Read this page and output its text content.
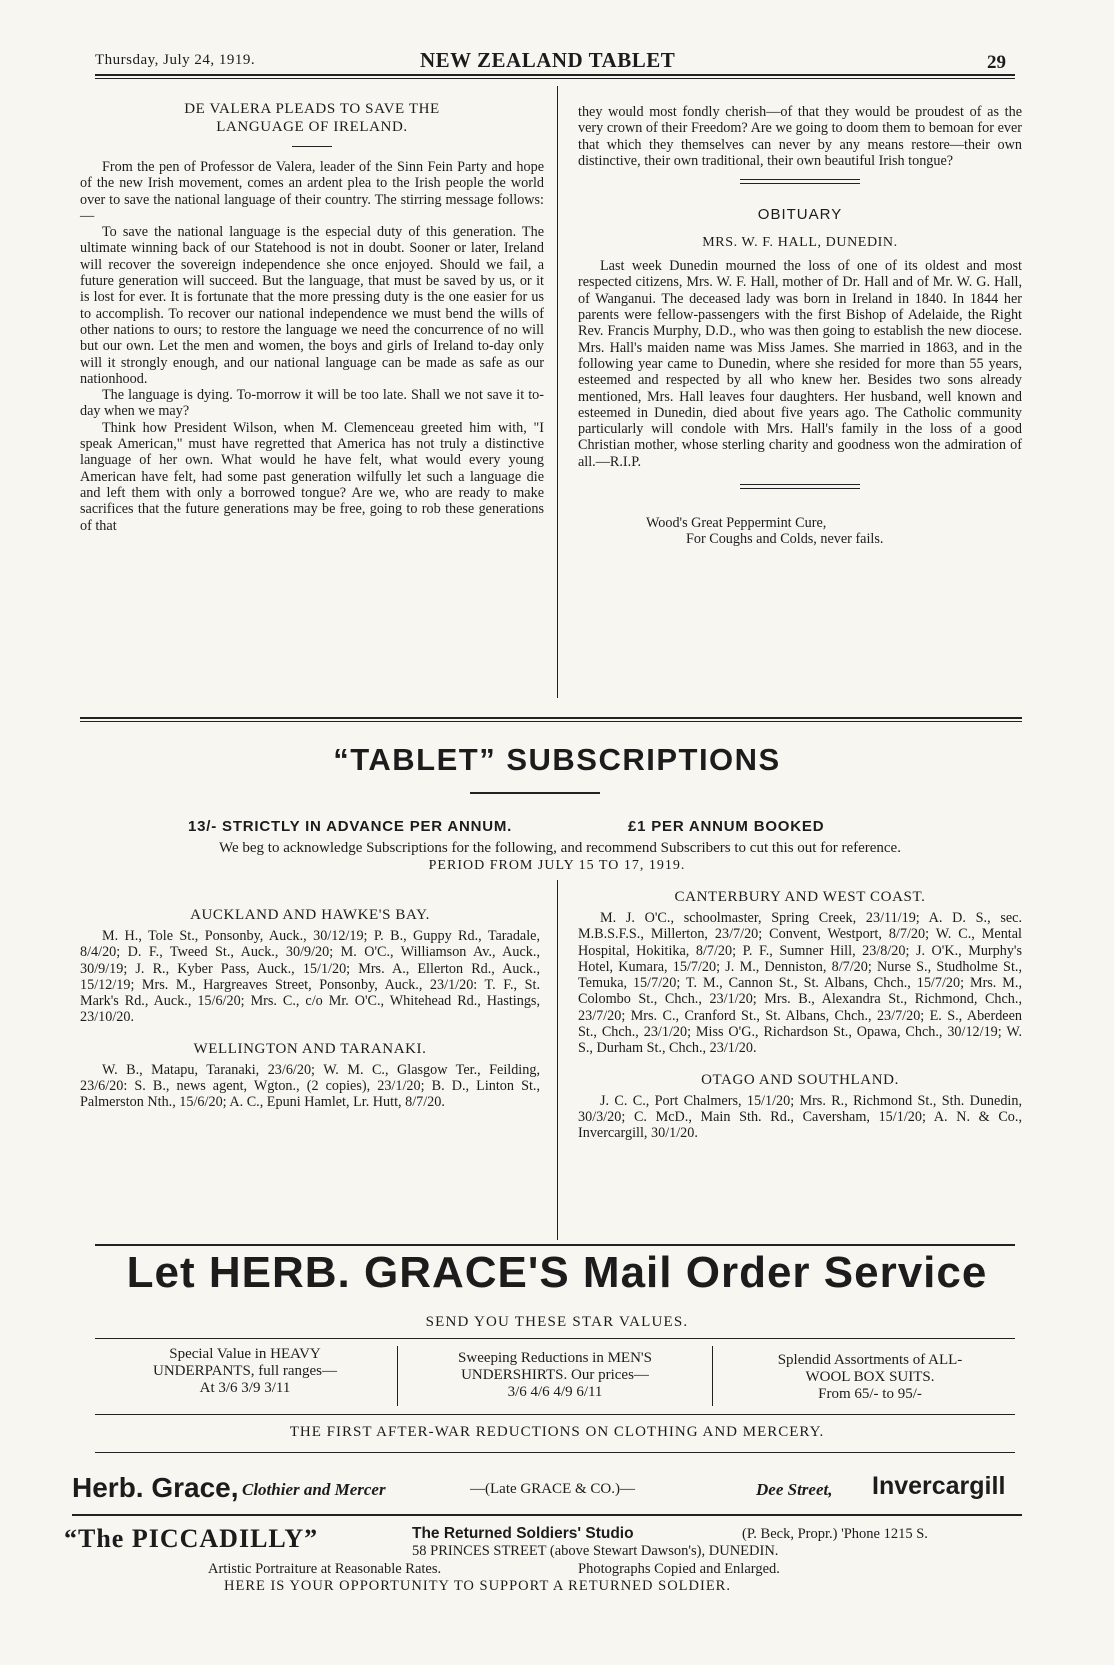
Thursday, July 24, 1919.	NEW ZEALAND TABLET	29

DE VALERA PLEADS TO SAVE THE

LANGUAGE OF IRELAND.

From the pen of Professor de Valera, leader of the Sinn Fein Party and hope of the new Irish movement, comes an ardent plea to the Irish people the world over to save the national language of their country. The stirring message follows:—

To save the national language is the especial duty of this generation. The ultimate winning back of our Statehood is not in doubt. Sooner or later, Ireland will recover the sovereign independence she once enjoyed. Should we fail, a future generation will succeed. But the language, that must be saved by us, or it is lost for ever. It is fortunate that the more pressing duty is the one easier for us to accomplish. To recover our national independence we must bend the wills of other nations to ours; to restore the language we need the concurrence of no will but our own. Let the men and women, the boys and girls of Ireland to-day only will it strongly enough, and our national language can be made as safe as our nationhood.

The language is dying. To-morrow it will be too late. Shall we not save it to-day when we may?

Think how President Wilson, when M. Clemenceau greeted him with, "I speak American," must have regretted that America has not truly a distinctive language of her own. What would he have felt, what would every young American have felt, had some past generation wilfully let such a language die and left them with only a borrowed tongue? Are we, who are ready to make sacrifices that the future generations may be free, going to rob these generations of that

they would most fondly cherish—of that they would be proudest of as the very crown of their Freedom? Are we going to doom them to bemoan for ever that which they themselves can never by any means restore—their own distinctive, their own traditional, their own beautiful Irish tongue?

OBITUARY

MRS. W. F. HALL, DUNEDIN.

Last week Dunedin mourned the loss of one of its oldest and most respected citizens, Mrs. W. F. Hall, mother of Dr. Hall and of Mr. W. G. Hall, of Wanganui. The deceased lady was born in Ireland in 1840. In 1844 her parents were fellow-passengers with the first Bishop of Adelaide, the Right Rev. Francis Murphy, D.D., who was then going to establish the new diocese. Mrs. Hall's maiden name was Miss James. She married in 1863, and in the following year came to Dunedin, where she resided for more than 55 years, esteemed and respected by all who knew her. Besides two sons already mentioned, Mrs. Hall leaves four daughters. Her husband, well known and esteemed in Dunedin, died about five years ago. The Catholic community particularly will condole with Mrs. Hall's family in the loss of a good Christian mother, whose sterling charity and goodness won the admiration of all.—R.I.P.

Wood's Great Peppermint Cure,

For Coughs and Colds, never fails.

“TABLET” SUBSCRIPTIONS
13/- STRICTLY IN ADVANCE PER ANNUM.	£1 PER ANNUM BOOKED
We beg to acknowledge Subscriptions for the following, and recommend Subscribers to cut this out for reference.
PERIOD FROM JULY 15 TO 17, 1919.

AUCKLAND AND HAWKE'S BAY.

M. H., Tole St., Ponsonby, Auck., 30/12/19; P. B., Guppy Rd., Taradale, 8/4/20; D. F., Tweed St., Auck., 30/9/20; M. O'C., Williamson Av., Auck., 30/9/19; J. R., Kyber Pass, Auck., 15/1/20; Mrs. A., Ellerton Rd., Auck., 15/12/19; Mrs. M., Hargreaves Street, Ponsonby, Auck., 23/1/20: T. F., St. Mark's Rd., Auck., 15/6/20; Mrs. C., c/o Mr. O'C., Whitehead Rd., Hastings, 23/10/20.

WELLINGTON AND TARANAKI.

W. B., Matapu, Taranaki, 23/6/20; W. M. C., Glasgow Ter., Feilding, 23/6/20: S. B., news agent, Wgton., (2 copies), 23/1/20; B. D., Linton St., Palmerston Nth., 15/6/20; A. C., Epuni Hamlet, Lr. Hutt, 8/7/20.

CANTERBURY AND WEST COAST.

M. J. O'C., schoolmaster, Spring Creek, 23/11/19; A. D. S., sec. M.B.S.F.S., Millerton, 23/7/20; Convent, Westport, 8/7/20; W. C., Mental Hospital, Hokitika, 8/7/20; P. F., Sumner Hill, 23/8/20; J. O'K., Murphy's Hotel, Kumara, 15/7/20; J. M., Denniston, 8/7/20; Nurse S., Studholme St., Temuka, 15/7/20; T. M., Cannon St., St. Albans, Chch., 15/7/20; Mrs. M., Colombo St., Chch., 23/1/20; Mrs. B., Alexandra St., Richmond, Chch., 23/7/20; Mrs. C., Cranford St., St. Albans, Chch., 23/7/20; E. S., Aberdeen St., Chch., 23/1/20; Miss O'G., Richardson St., Opawa, Chch., 30/12/19; W. S., Durham St., Chch., 23/1/20.

OTAGO AND SOUTHLAND.

J. C. C., Port Chalmers, 15/1/20; Mrs. R., Richmond St., Sth. Dunedin, 30/3/20; C. McD., Main Sth. Rd., Caversham, 15/1/20; A. N. & Co., Invercargill, 30/1/20.

Let HERB. GRACE'S Mail Order Service
SEND YOU THESE STAR VALUES.
Special Value in HEAVY
UNDERPANTS, full ranges—
At 3/6 3/9 3/11
Sweeping Reductions in MEN'S
UNDERSHIRTS. Our prices—
3/6 4/6 4/9 6/11
Splendid Assortments of ALL-
WOOL BOX SUITS.
From 65/- to 95/-
THE FIRST AFTER-WAR REDUCTIONS ON CLOTHING AND MERCERY.
Herb. Grace, Clothier and Mercer	—(Late GRACE & CO.)—	Dee Street, Invercargill
“The PICCADILLY”	The Returned Soldiers' Studio	(P. Beck, Propr.) 'Phone 1215 S.
58 PRINCES STREET (above Stewart Dawson's), DUNEDIN.
Artistic Portraiture at Reasonable Rates.	Photographs Copied and Enlarged.
HERE IS YOUR OPPORTUNITY TO SUPPORT A RETURNED SOLDIER.
